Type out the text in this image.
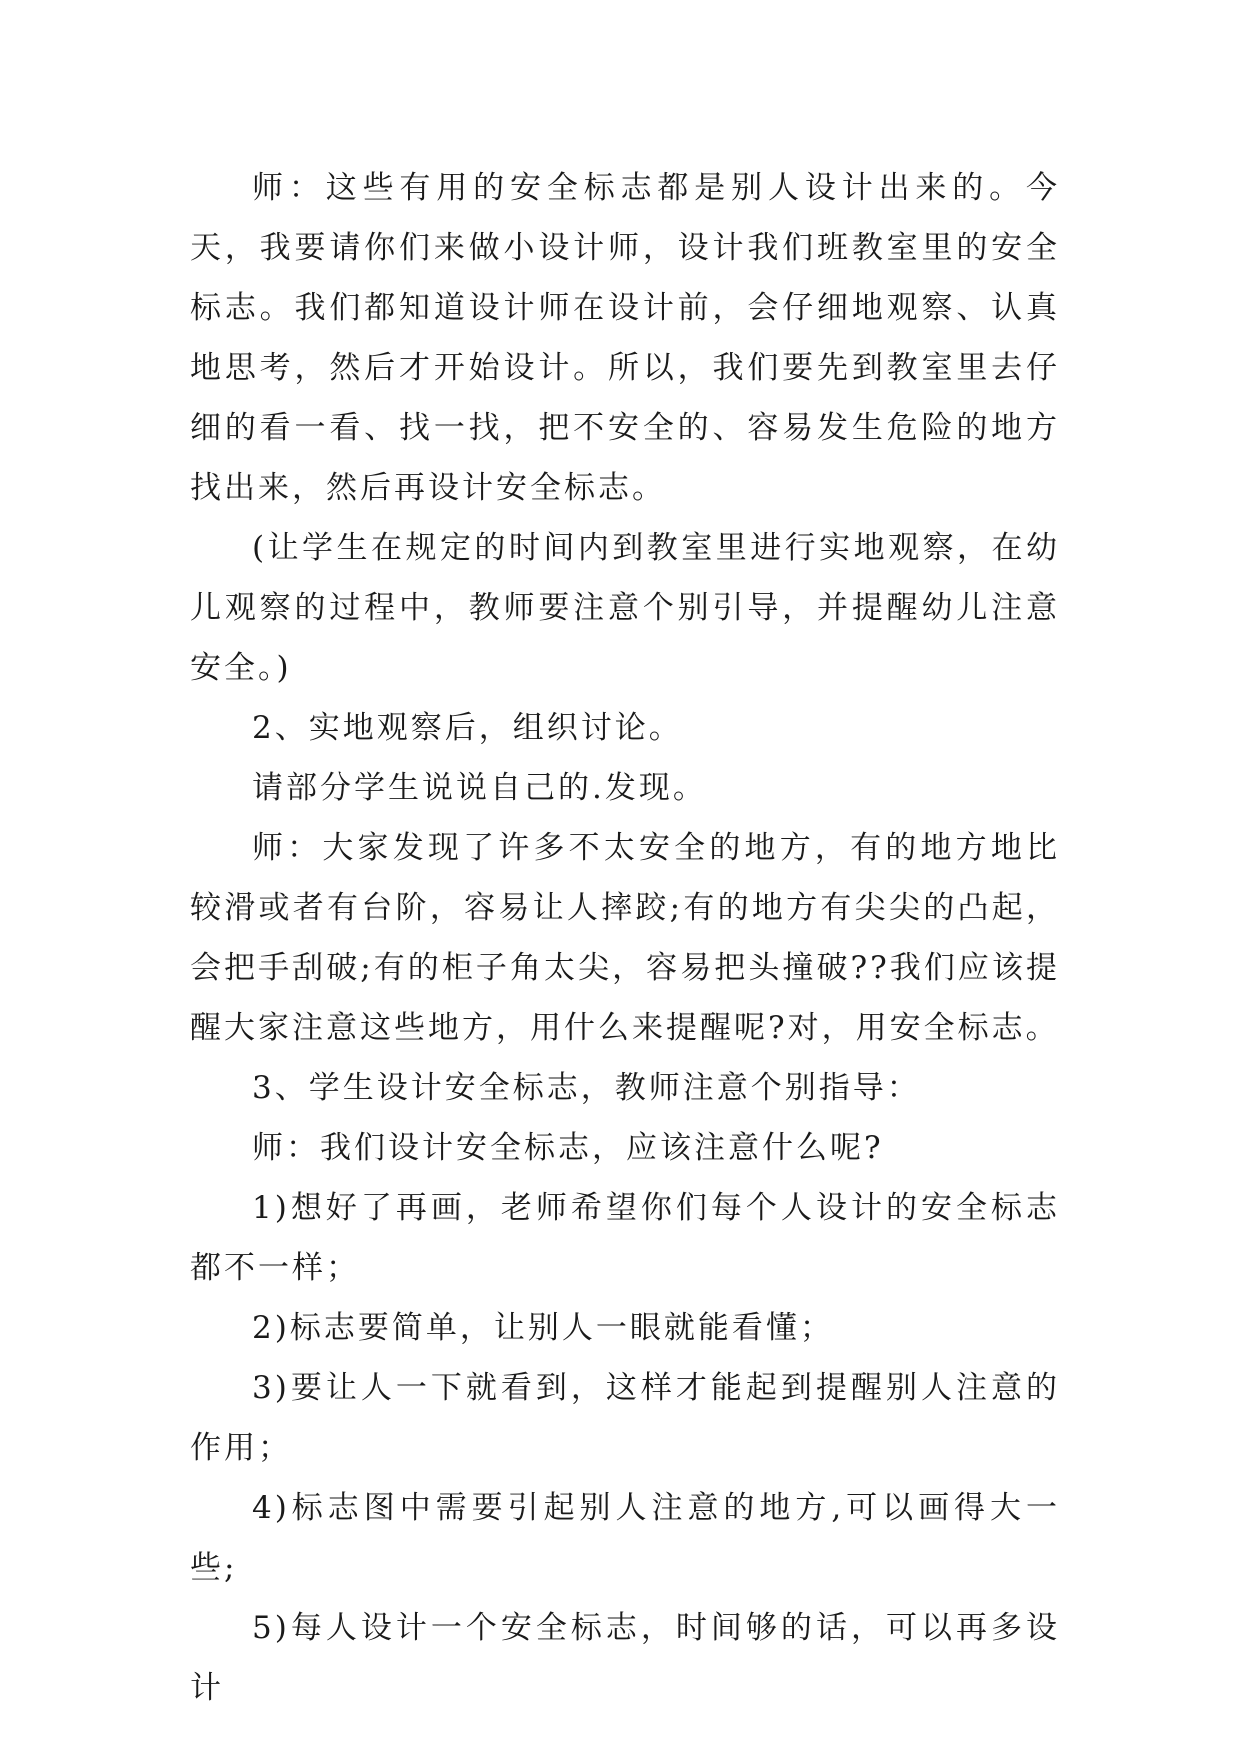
师：这些有用的安全标志都是别人设计出来的。今天，我要请你们来做小设计师，设计我们班教室里的安全标志。我们都知道设计师在设计前，会仔细地观察、认真地思考，然后才开始设计。所以，我们要先到教室里去仔细的看一看、找一找，把不安全的、容易发生危险的地方找出来，然后再设计安全标志。

(让学生在规定的时间内到教室里进行实地观察，在幼儿观察的过程中，教师要注意个别引导，并提醒幼儿注意安全。)

2、实地观察后，组织讨论。

请部分学生说说自己的.发现。

师：大家发现了许多不太安全的地方，有的地方地比较滑或者有台阶，容易让人摔跤;有的地方有尖尖的凸起，会把手刮破;有的柜子角太尖，容易把头撞破??我们应该提醒大家注意这些地方，用什么来提醒呢?对，用安全标志。

3、学生设计安全标志，教师注意个别指导：

师：我们设计安全标志，应该注意什么呢?

1)想好了再画，老师希望你们每个人设计的安全标志都不一样；

2)标志要简单，让别人一眼就能看懂；

3)要让人一下就看到，这样才能起到提醒别人注意的作用；

4)标志图中需要引起别人注意的地方,可以画得大一些;

5)每人设计一个安全标志，时间够的话，可以再多设计
